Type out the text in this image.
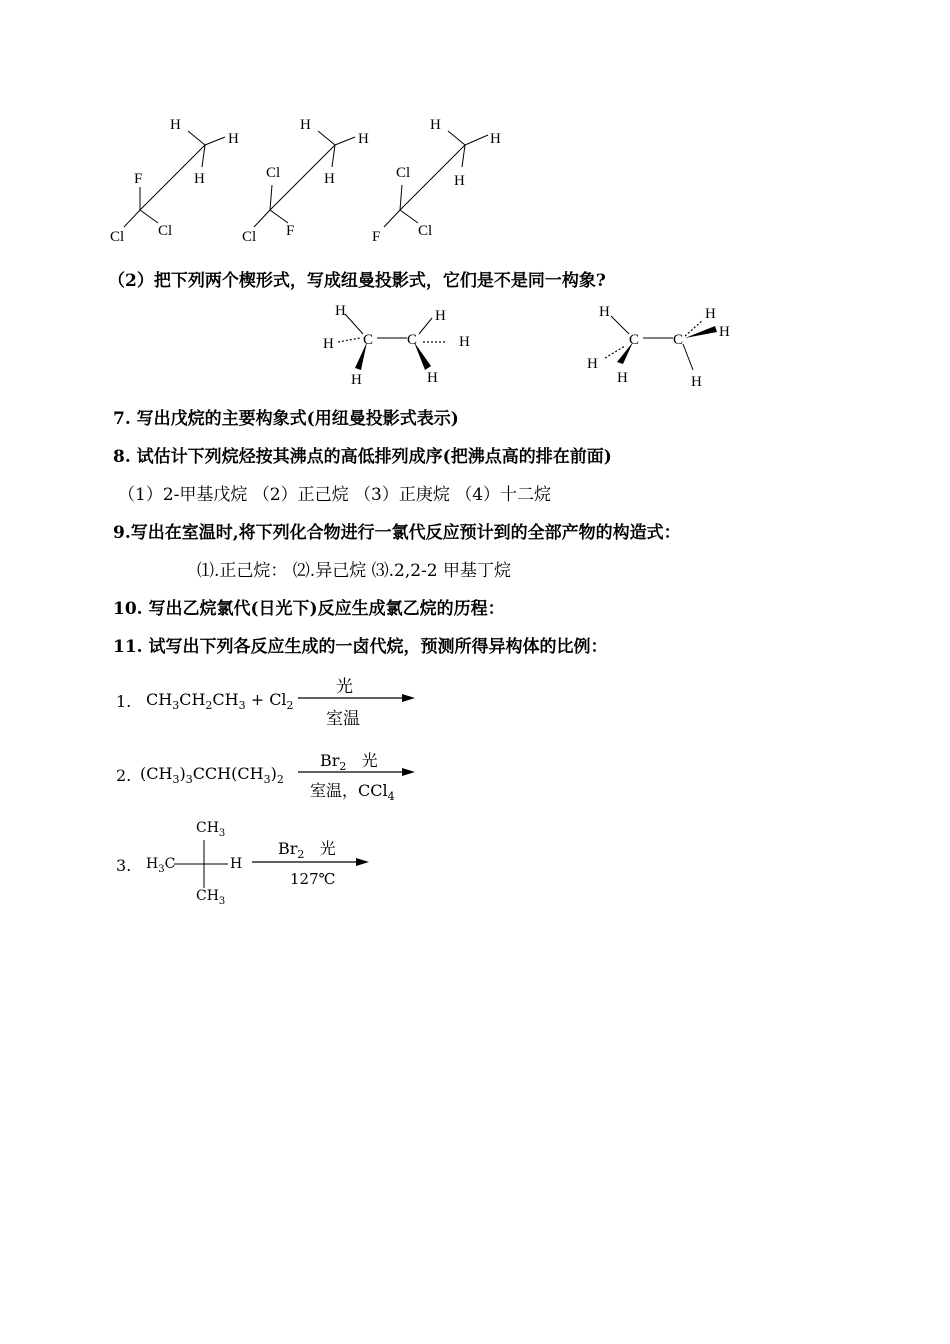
H
H
H
F
Cl
Cl
H
H
H
Cl
Cl F
H
H
H
Cl
F	Cl
（2）把下列两个楔形式，写成纽曼投影式，它们是不是同一构象?
H
H C
H
C
H
H
H
H
C
H
H
C
H
H
H
7. 写出戊烷的主要构象式(用纽曼投影式表示)
8. 试估计下列烷烃按其沸点的高低排列成序(把沸点高的排在前面)
（1）2-甲基戊烷 （2）正己烷 （3）正庚烷 （4）十二烷
9.写出在室温时,将下列化合物进行一氯代反应预计到的全部产物的构造式：
⑴.正己烷： ⑵.异己烷 ⑶.2,2-2 甲基丁烷
10. 写出乙烷氯代(日光下)反应生成氯乙烷的历程：
11. 试写出下列各反应生成的一卤代烷，预测所得异构体的比例：
1. $CH_3CH_2CH_3 + Cl_2$
光
室温
2. $(CH_3)_3CCH(CH_3)_2$
$Br_2$   光
室温，CCl$_4$
3.
$CH_3$
$H_3C$	H
$CH_3$
$Br_2$   光
127℃
